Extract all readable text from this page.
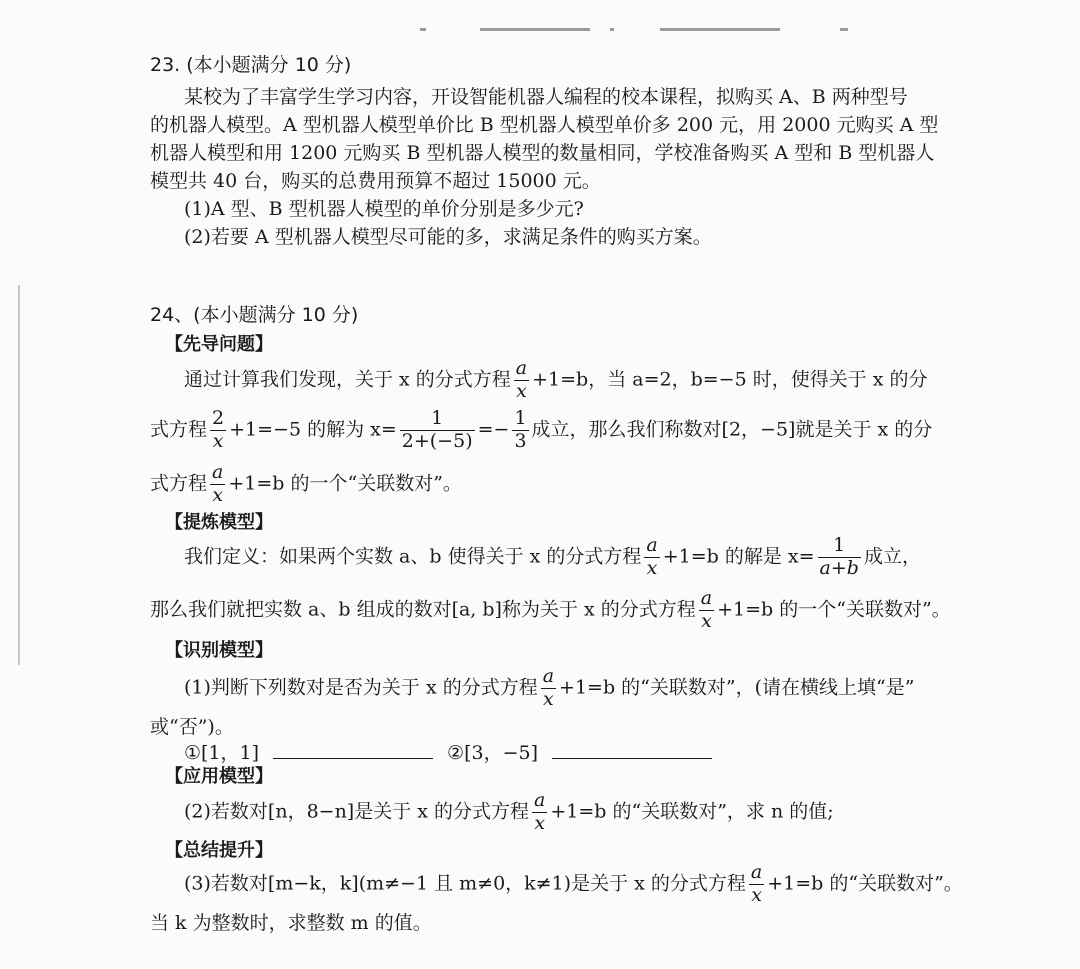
23. (本小题满分 10 分)
某校为了丰富学生学习内容，开设智能机器人编程的校本课程，拟购买 A、B 两种型号
的机器人模型。A 型机器人模型单价比 B 型机器人模型单价多 200 元，用 2000 元购买 A 型
机器人模型和用 1200 元购买 B 型机器人模型的数量相同，学校准备购买 A 型和 B 型机器人
模型共 40 台，购买的总费用预算不超过 15000 元。
(1)A 型、B 型机器人模型的单价分别是多少元?
(2)若要 A 型机器人模型尽可能的多，求满足条件的购买方案。
24、(本小题满分 10 分)
【先导问题】
通过计算我们发现，关于 x 的分式方程 $\frac{a}{x} +1=b$，当 a=2，b=−5 时，使得关于 x 的分
式方程 $\frac{2}{x} +1=-5$ 的解为 $x= \frac{1}{2+(-5)} =- \frac{1}{3}$ 成立，那么我们称数对[2，−5]就是关于 x 的分
式方程 $\frac{a}{x} +1=b$ 的一个“关联数对”。
【提炼模型】
我们定义：如果两个实数 a、b 使得关于 x 的分式方程 $\frac{a}{x} +1=b$ 的解是 $x= \frac{1}{a+b}$ 成立，
那么我们就把实数 a、b 组成的数对[a, b]称为关于 x 的分式方程 $\frac{a}{x} +1=b$ 的一个“关联数对”。
【识别模型】
(1)判断下列数对是否为关于 x 的分式方程 $\frac{a}{x} +1=b$ 的“关联数对”，(请在横线上填“是”
或“否”)。
①[1，1]	②[3，−5]
【应用模型】
(2)若数对[n，8−n]是关于 x 的分式方程 $\frac{a}{x} +1=b$ 的“关联数对”，求 n 的值;
【总结提升】
(3)若数对[m−k，k](m≠−1 且 m≠0，k≠1)是关于 x 的分式方程 $\frac{a}{x} +1=b$ 的“关联数对”。
当 k 为整数时，求整数 m 的值。
